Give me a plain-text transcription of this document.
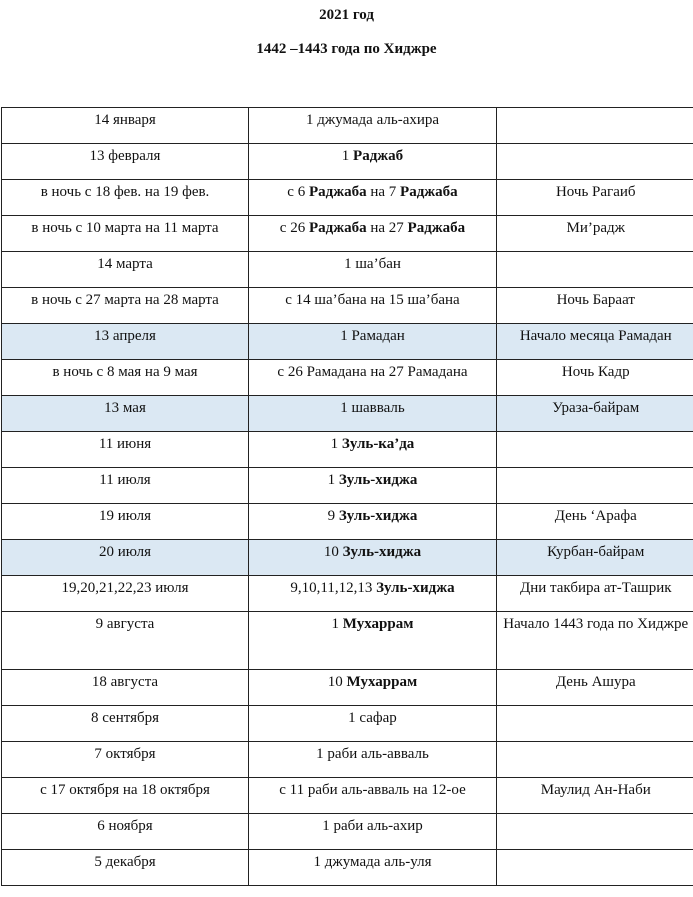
2021 год
1442 –1443 года по Хиджре
14 января	1 джумада аль-ахира	
13 февраля	1 Раджаб	
в ночь с 18 фев. на 19 фев.	с 6 Раджаба на 7 Раджаба	Ночь Рагаиб
в ночь с 10 марта на 11 марта	с 26 Раджаба на 27 Раджаба	Ми’радж
14 марта	1 ша’бан	
в ночь с 27 марта на 28 марта	с 14 ша’бана на 15 ша’бана	Ночь Бараат
13 апреля	1 Рамадан	Начало месяца Рамадан
в ночь с 8 мая на 9 мая	с 26 Рамадана на 27 Рамадана	Ночь Кадр
13 мая	1 шавваль	Ураза-байрам
11 июня	1 Зуль-ка’да	
11 июля	1 Зуль-хиджа	
19 июля	9 Зуль-хиджа	День ‘Арафа
20 июля	10 Зуль-хиджа	Курбан-байрам
19,20,21,22,23 июля	9,10,11,12,13 Зуль-хиджа	Дни такбира ат-Ташрик
9 августа	1 Мухаррам	Начало 1443 года по Хиджре
18 августа	10 Мухаррам	День Ашура
8 сентября	1 сафар	
7 октября	1 раби аль-авваль	
с 17 октября на 18 октября	с 11 раби аль-авваль на 12-ое	Маулид Ан-Наби
6 ноября	1 раби аль-ахир	
5 декабря	1 джумада аль-уля	
